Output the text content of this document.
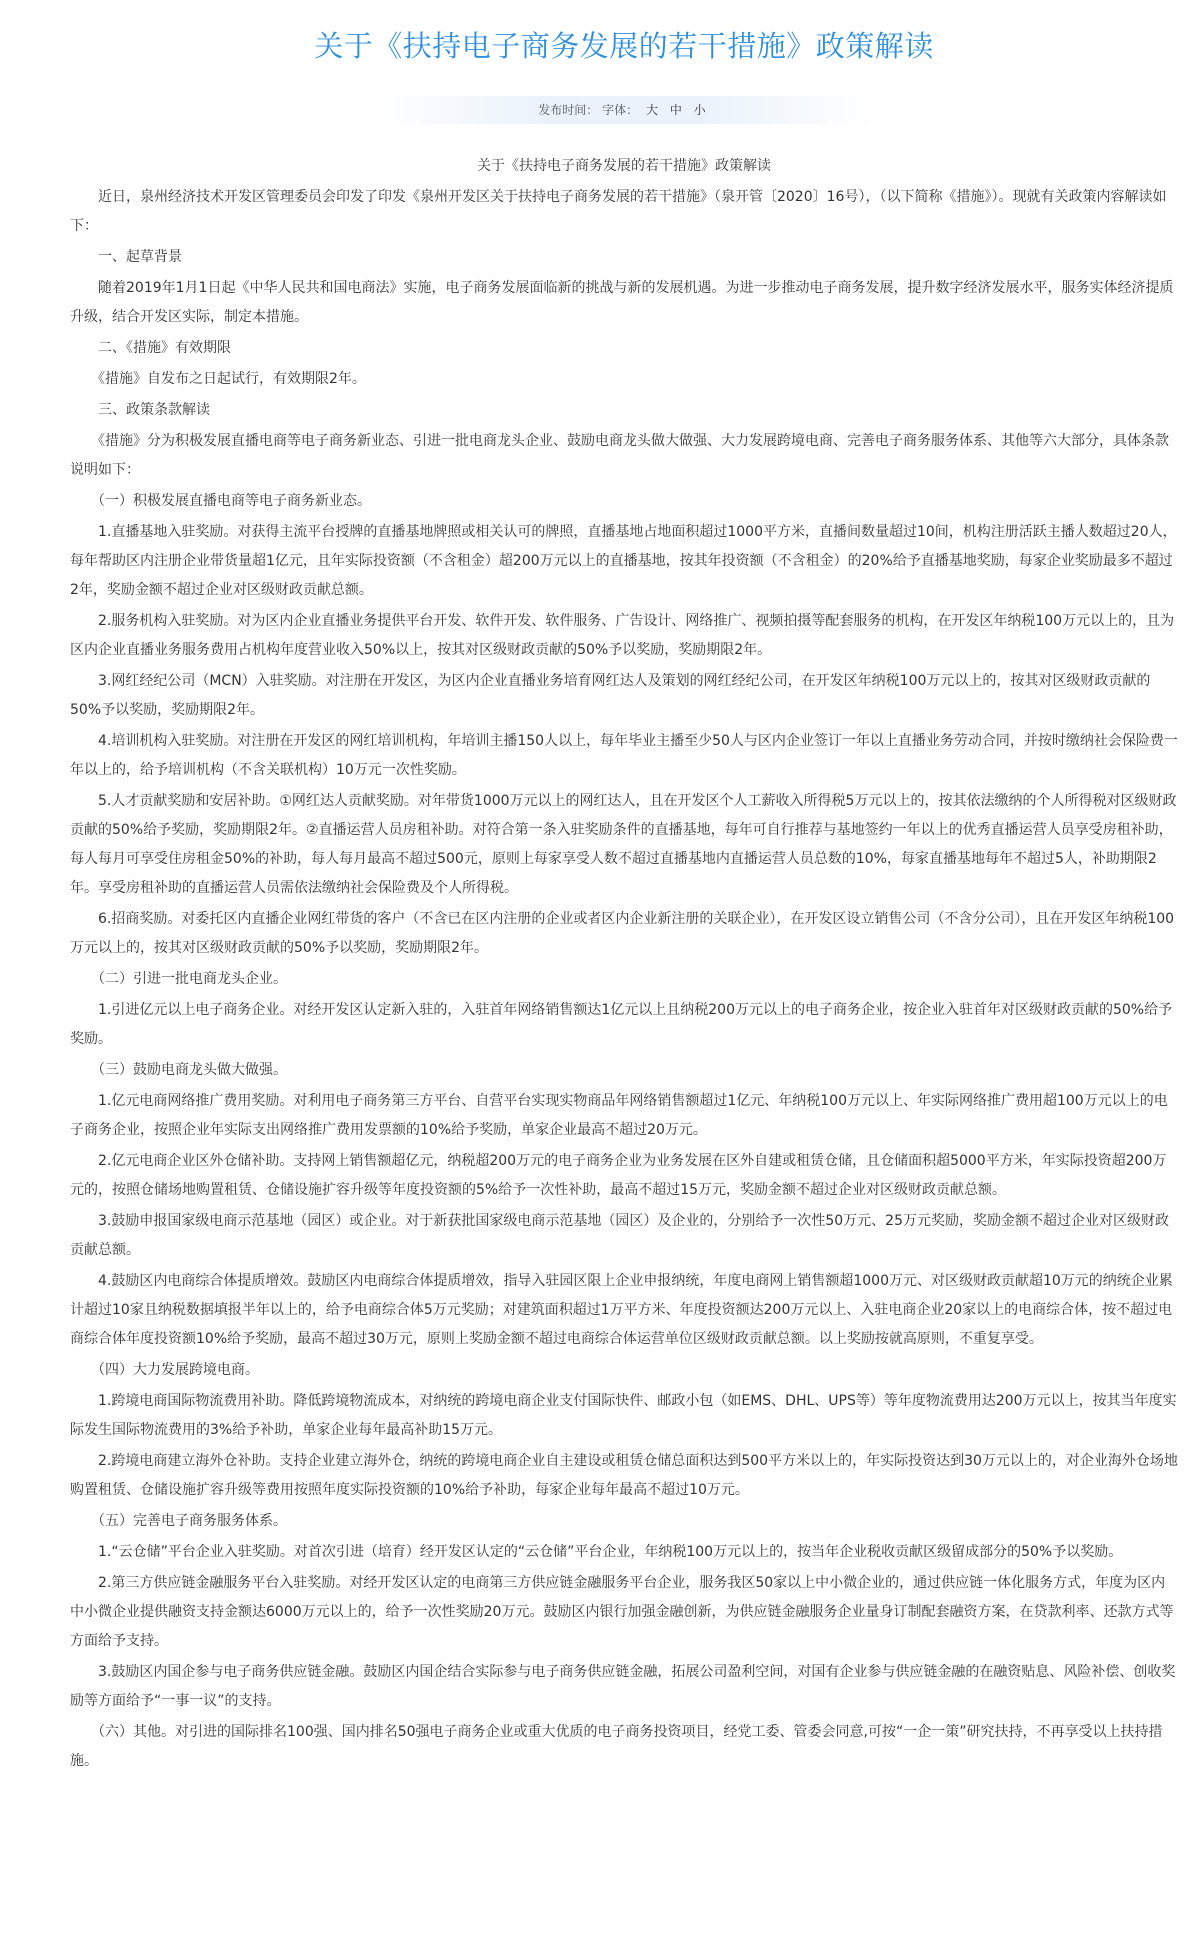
关于《扶持电子商务发展的若干措施》政策解读
发布时间： 字体： 大 中 小

关于《扶持电子商务发展的若干措施》政策解读

　　近日，泉州经济技术开发区管理委员会印发了印发《泉州开发区关于扶持电子商务发展的若干措施》（泉开管〔2020〕16号），（以下简称《措施》）。现就有关政策内容解读如下：

　　一、起草背景

　　随着2019年1月1日起《中华人民共和国电商法》实施，电子商务发展面临新的挑战与新的发展机遇。为进一步推动电子商务发展，提升数字经济发展水平，服务实体经济提质升级，结合开发区实际，制定本措施。

　　二、《措施》有效期限

　　《措施》自发布之日起试行，有效期限2年。

　　三、政策条款解读

　　《措施》分为积极发展直播电商等电子商务新业态、引进一批电商龙头企业、鼓励电商龙头做大做强、大力发展跨境电商、完善电子商务服务体系、其他等六大部分，具体条款说明如下：

　　（一）积极发展直播电商等电子商务新业态。

　　1.直播基地入驻奖励。对获得主流平台授牌的直播基地牌照或相关认可的牌照，直播基地占地面积超过1000平方米，直播间数量超过10间，机构注册活跃主播人数超过20人，每年帮助区内注册企业带货量超1亿元，且年实际投资额（不含租金）超200万元以上的直播基地，按其年投资额（不含租金）的20%给予直播基地奖励，每家企业奖励最多不超过2年，奖励金额不超过企业对区级财政贡献总额。

　　2.服务机构入驻奖励。对为区内企业直播业务提供平台开发、软件开发、软件服务、广告设计、网络推广、视频拍摄等配套服务的机构，在开发区年纳税100万元以上的，且为区内企业直播业务服务费用占机构年度营业收入50%以上，按其对区级财政贡献的50%予以奖励，奖励期限2年。

　　3.网红经纪公司（MCN）入驻奖励。对注册在开发区，为区内企业直播业务培育网红达人及策划的网红经纪公司，在开发区年纳税100万元以上的，按其对区级财政贡献的50%予以奖励，奖励期限2年。

　　4.培训机构入驻奖励。对注册在开发区的网红培训机构，年培训主播150人以上，每年毕业主播至少50人与区内企业签订一年以上直播业务劳动合同，并按时缴纳社会保险费一年以上的，给予培训机构（不含关联机构）10万元一次性奖励。

　　5.人才贡献奖励和安居补助。①网红达人贡献奖励。对年带货1000万元以上的网红达人，且在开发区个人工薪收入所得税5万元以上的，按其依法缴纳的个人所得税对区级财政贡献的50%给予奖励，奖励期限2年。②直播运营人员房租补助。对符合第一条入驻奖励条件的直播基地，每年可自行推荐与基地签约一年以上的优秀直播运营人员享受房租补助，每人每月可享受住房租金50%的补助，每人每月最高不超过500元，原则上每家享受人数不超过直播基地内直播运营人员总数的10%，每家直播基地每年不超过5人，补助期限2年。享受房租补助的直播运营人员需依法缴纳社会保险费及个人所得税。

　　6.招商奖励。对委托区内直播企业网红带货的客户（不含已在区内注册的企业或者区内企业新注册的关联企业），在开发区设立销售公司（不含分公司），且在开发区年纳税100万元以上的，按其对区级财政贡献的50%予以奖励，奖励期限2年。

　　（二）引进一批电商龙头企业。

　　1.引进亿元以上电子商务企业。对经开发区认定新入驻的，入驻首年网络销售额达1亿元以上且纳税200万元以上的电子商务企业，按企业入驻首年对区级财政贡献的50%给予奖励。

　　（三）鼓励电商龙头做大做强。

　　1.亿元电商网络推广费用奖励。对利用电子商务第三方平台、自营平台实现实物商品年网络销售额超过1亿元、年纳税100万元以上、年实际网络推广费用超100万元以上的电子商务企业，按照企业年实际支出网络推广费用发票额的10%给予奖励，单家企业最高不超过20万元。

　　2.亿元电商企业区外仓储补助。支持网上销售额超亿元，纳税超200万元的电子商务企业为业务发展在区外自建或租赁仓储，且仓储面积超5000平方米，年实际投资超200万元的，按照仓储场地购置租赁、仓储设施扩容升级等年度投资额的5%给予一次性补助，最高不超过15万元，奖励金额不超过企业对区级财政贡献总额。

　　3.鼓励申报国家级电商示范基地（园区）或企业。对于新获批国家级电商示范基地（园区）及企业的，分别给予一次性50万元、25万元奖励，奖励金额不超过企业对区级财政贡献总额。

　　4.鼓励区内电商综合体提质增效。鼓励区内电商综合体提质增效，指导入驻园区限上企业申报纳统，年度电商网上销售额超1000万元、对区级财政贡献超10万元的纳统企业累计超过10家且纳税数据填报半年以上的，给予电商综合体5万元奖励；对建筑面积超过1万平方米、年度投资额达200万元以上、入驻电商企业20家以上的电商综合体，按不超过电商综合体年度投资额10%给予奖励，最高不超过30万元，原则上奖励金额不超过电商综合体运营单位区级财政贡献总额。以上奖励按就高原则，不重复享受。

　　（四）大力发展跨境电商。

　　1.跨境电商国际物流费用补助。降低跨境物流成本，对纳统的跨境电商企业支付国际快件、邮政小包（如EMS、DHL、UPS等）等年度物流费用达200万元以上，按其当年度实际发生国际物流费用的3%给予补助，单家企业每年最高补助15万元。

　　2.跨境电商建立海外仓补助。支持企业建立海外仓，纳统的跨境电商企业自主建设或租赁仓储总面积达到500平方米以上的，年实际投资达到30万元以上的，对企业海外仓场地购置租赁、仓储设施扩容升级等费用按照年度实际投资额的10%给予补助，每家企业每年最高不超过10万元。

　　（五）完善电子商务服务体系。

　　1.“云仓储”平台企业入驻奖励。对首次引进（培育）经开发区认定的“云仓储”平台企业，年纳税100万元以上的，按当年企业税收贡献区级留成部分的50%予以奖励。

　　2.第三方供应链金融服务平台入驻奖励。对经开发区认定的电商第三方供应链金融服务平台企业，服务我区50家以上中小微企业的，通过供应链一体化服务方式，年度为区内中小微企业提供融资支持金额达6000万元以上的，给予一次性奖励20万元。鼓励区内银行加强金融创新，为供应链金融服务企业量身订制配套融资方案，在贷款利率、还款方式等方面给予支持。

　　3.鼓励区内国企参与电子商务供应链金融。鼓励区内国企结合实际参与电子商务供应链金融，拓展公司盈利空间，对国有企业参与供应链金融的在融资贴息、风险补偿、创收奖励等方面给予“一事一议”的支持。

　　（六）其他。对引进的国际排名100强、国内排名50强电子商务企业或重大优质的电子商务投资项目，经党工委、管委会同意,可按“一企一策”研究扶持，不再享受以上扶持措施。
